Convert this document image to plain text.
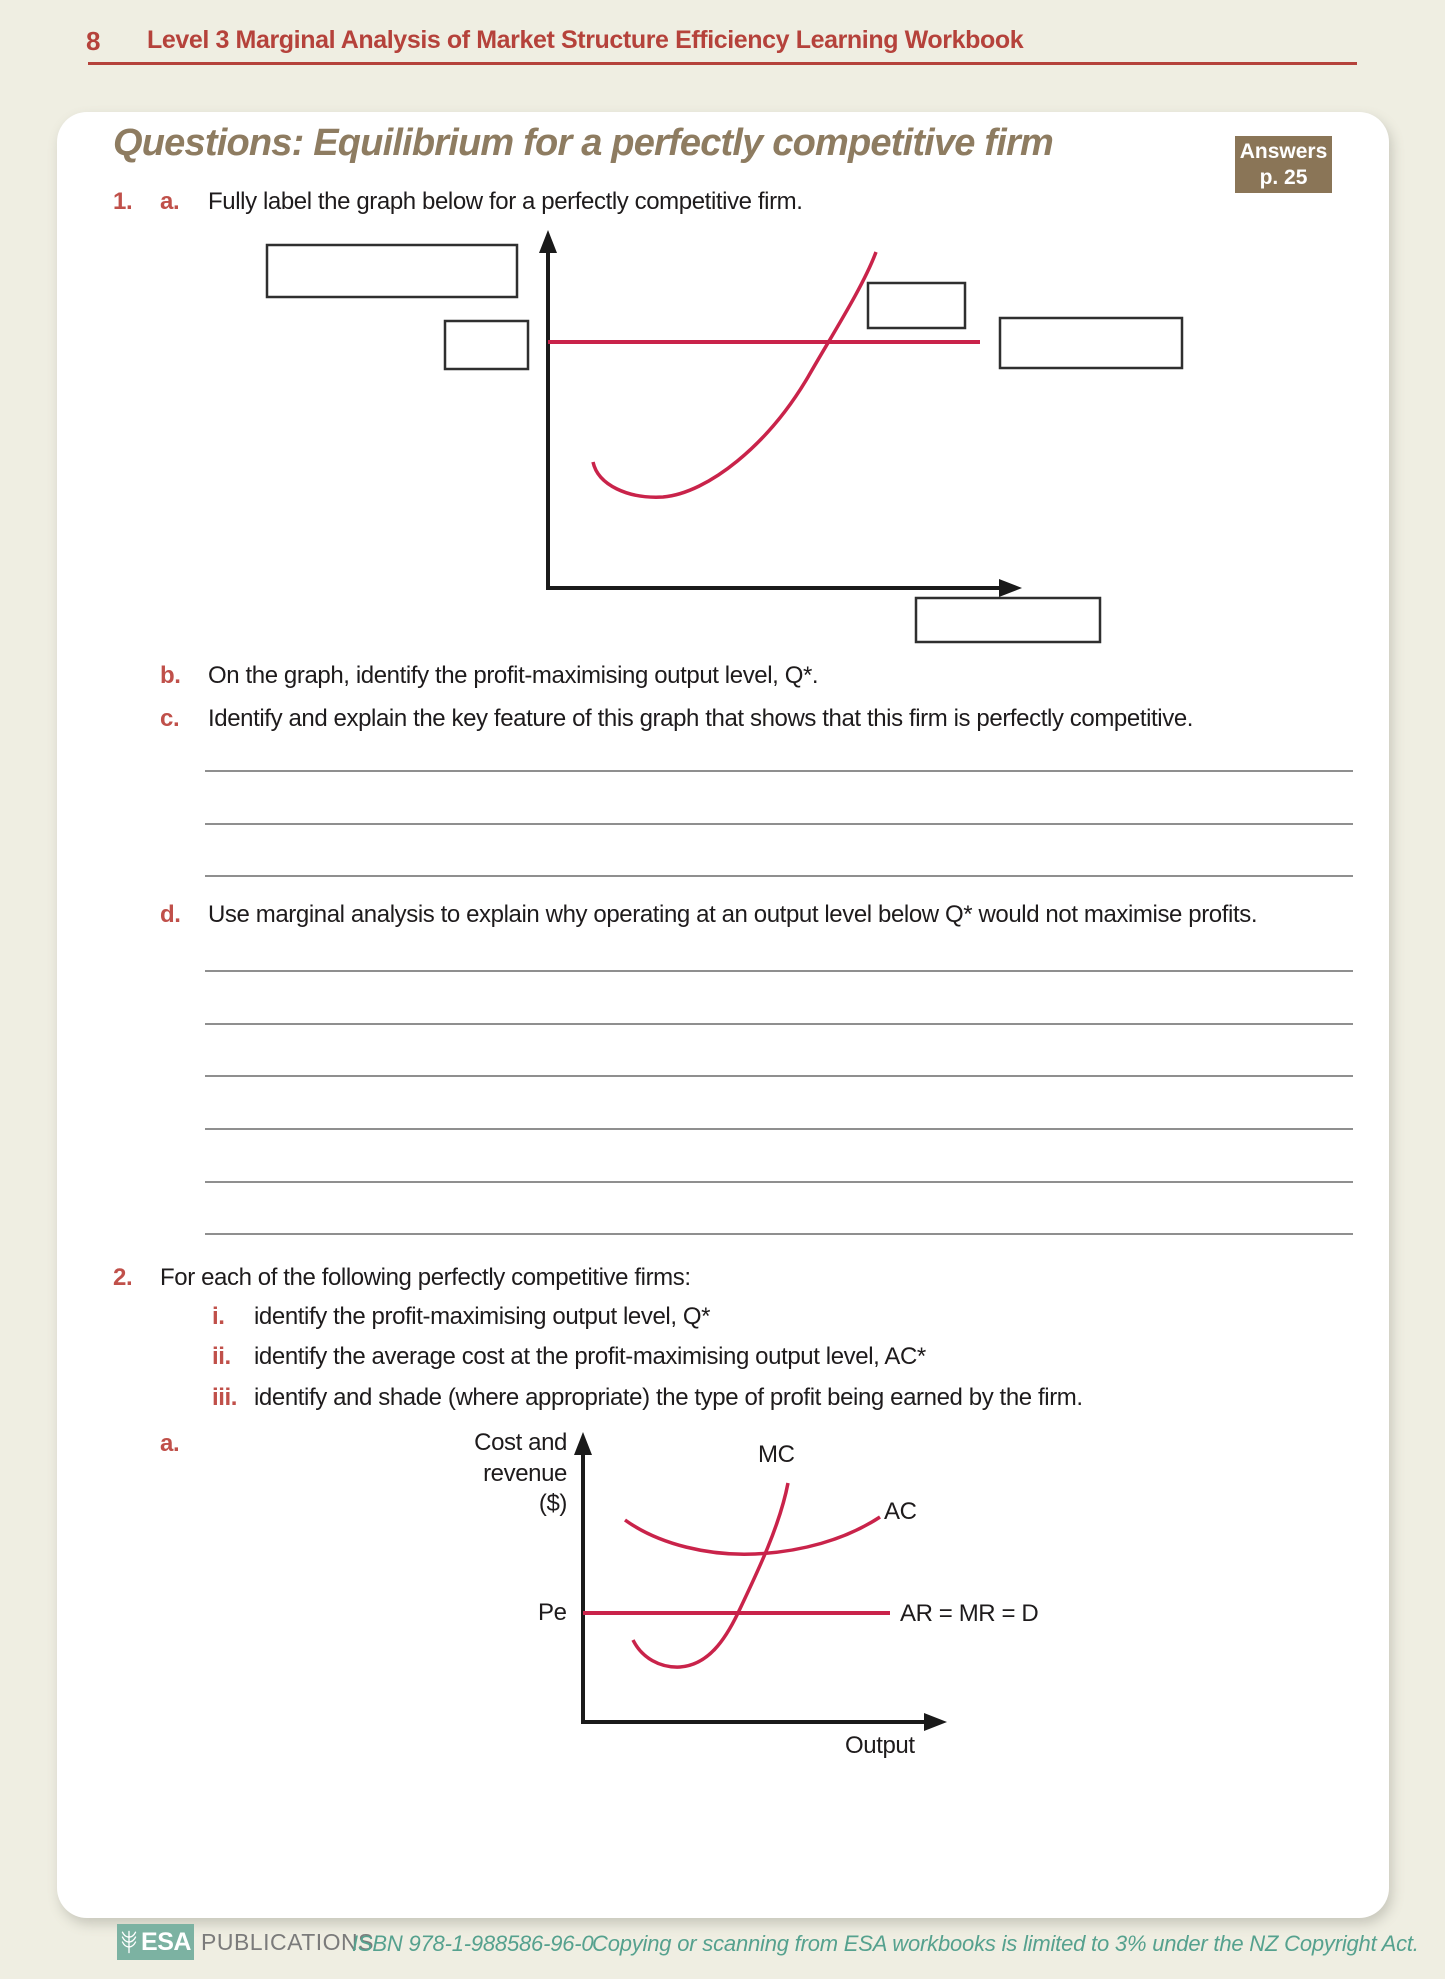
8 Level 3 Marginal Analysis of Market Structure Efficiency Learning Workbook
Questions: Equilibrium for a perfectly competitive firm	Answers
p. 25
1. a. Fully label the graph below for a perfectly competitive firm.
b. On the graph, identify the profit-maximising output level, Q*.
c. Identify and explain the key feature of this graph that shows that this firm is perfectly competitive.
d. Use marginal analysis to explain why operating at an output level below Q* would not maximise profits.
2. For each of the following perfectly competitive firms:
i. identify the profit-maximising output level, Q*
ii. identify the average cost at the profit-maximising output level, AC*
iii. identify and shade (where appropriate) the type of profit being earned by the firm.
a.	Cost and
revenue
($)
MC
AC
Pe	AR = MR = D
Output
ESA PUBLICATIONS
ISBN 978-1-988586-96-0
Copying or scanning from ESA workbooks is limited to 3% under the NZ Copyright Act.
